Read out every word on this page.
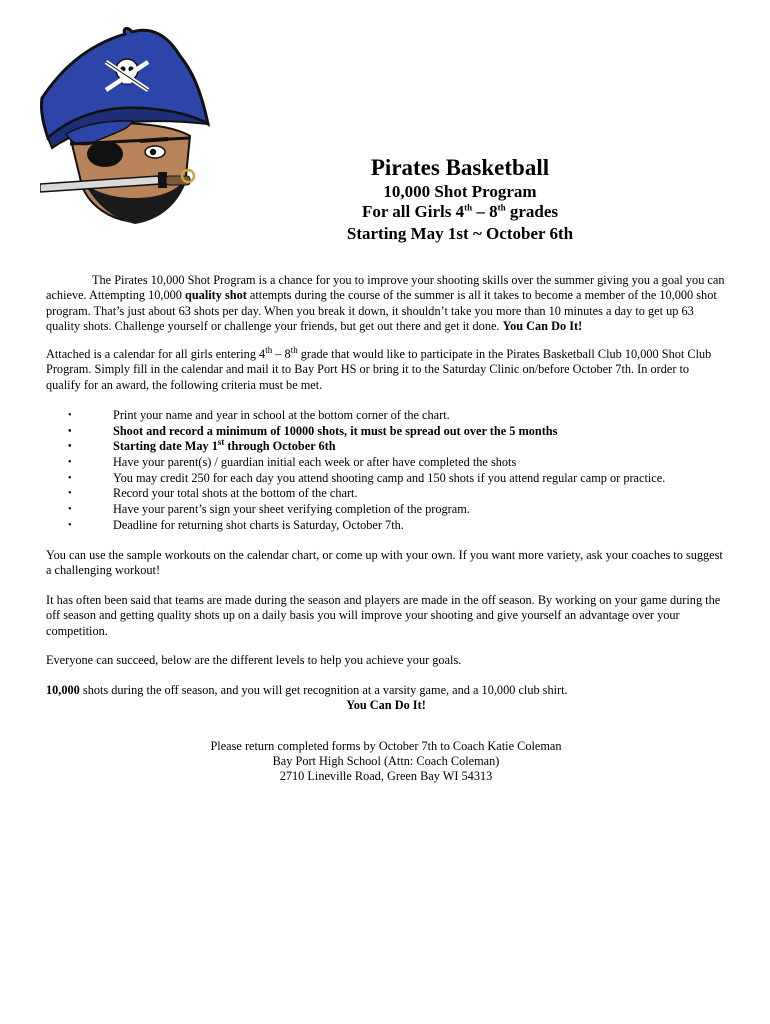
Pirates Basketball
10,000 Shot Program
For all Girls 4th – 8th grades
Starting May 1st ~ October 6th

The Pirates 10,000 Shot Program is a chance for you to improve your shooting skills over the summer giving you a goal you can achieve. Attempting 10,000 quality shot attempts during the course of the summer is all it takes to become a member of the 10,000 shot program. That’s just about 63 shots per day. When you break it down, it shouldn’t take you more than 10 minutes a day to get up 63 quality shots. Challenge yourself or challenge your friends, but get out there and get it done. You Can Do It!

Attached is a calendar for all girls entering 4th – 8th grade that would like to participate in the Pirates Basketball Club 10,000 Shot Club Program. Simply fill in the calendar and mail it to Bay Port HS or bring it to the Saturday Clinic on/before October 7th. In order to qualify for an award, the following criteria must be met.

•	Print your name and year in school at the bottom corner of the chart.
•	Shoot and record a minimum of 10000 shots, it must be spread out over the 5 months
•	Starting date May 1st through October 6th
•	Have your parent(s) / guardian initial each week or after have completed the shots
•	You may credit 250 for each day you attend shooting camp and 150 shots if you attend regular camp or practice.
•	Record your total shots at the bottom of the chart.
•	Have your parent’s sign your sheet verifying completion of the program.
•	Deadline for returning shot charts is Saturday, October 7th.

You can use the sample workouts on the calendar chart, or come up with your own. If you want more variety, ask your coaches to suggest a challenging workout!

It has often been said that teams are made during the season and players are made in the off season. By working on your game during the off season and getting quality shots up on a daily basis you will improve your shooting and give yourself an advantage over your competition.

Everyone can succeed, below are the different levels to help you achieve your goals.

10,000 shots during the off season, and you will get recognition at a varsity game, and a 10,000 club shirt.

You Can Do It!

Please return completed forms by October 7th to Coach Katie Coleman

Bay Port High School (Attn: Coach Coleman)

2710 Lineville Road, Green Bay WI 54313
